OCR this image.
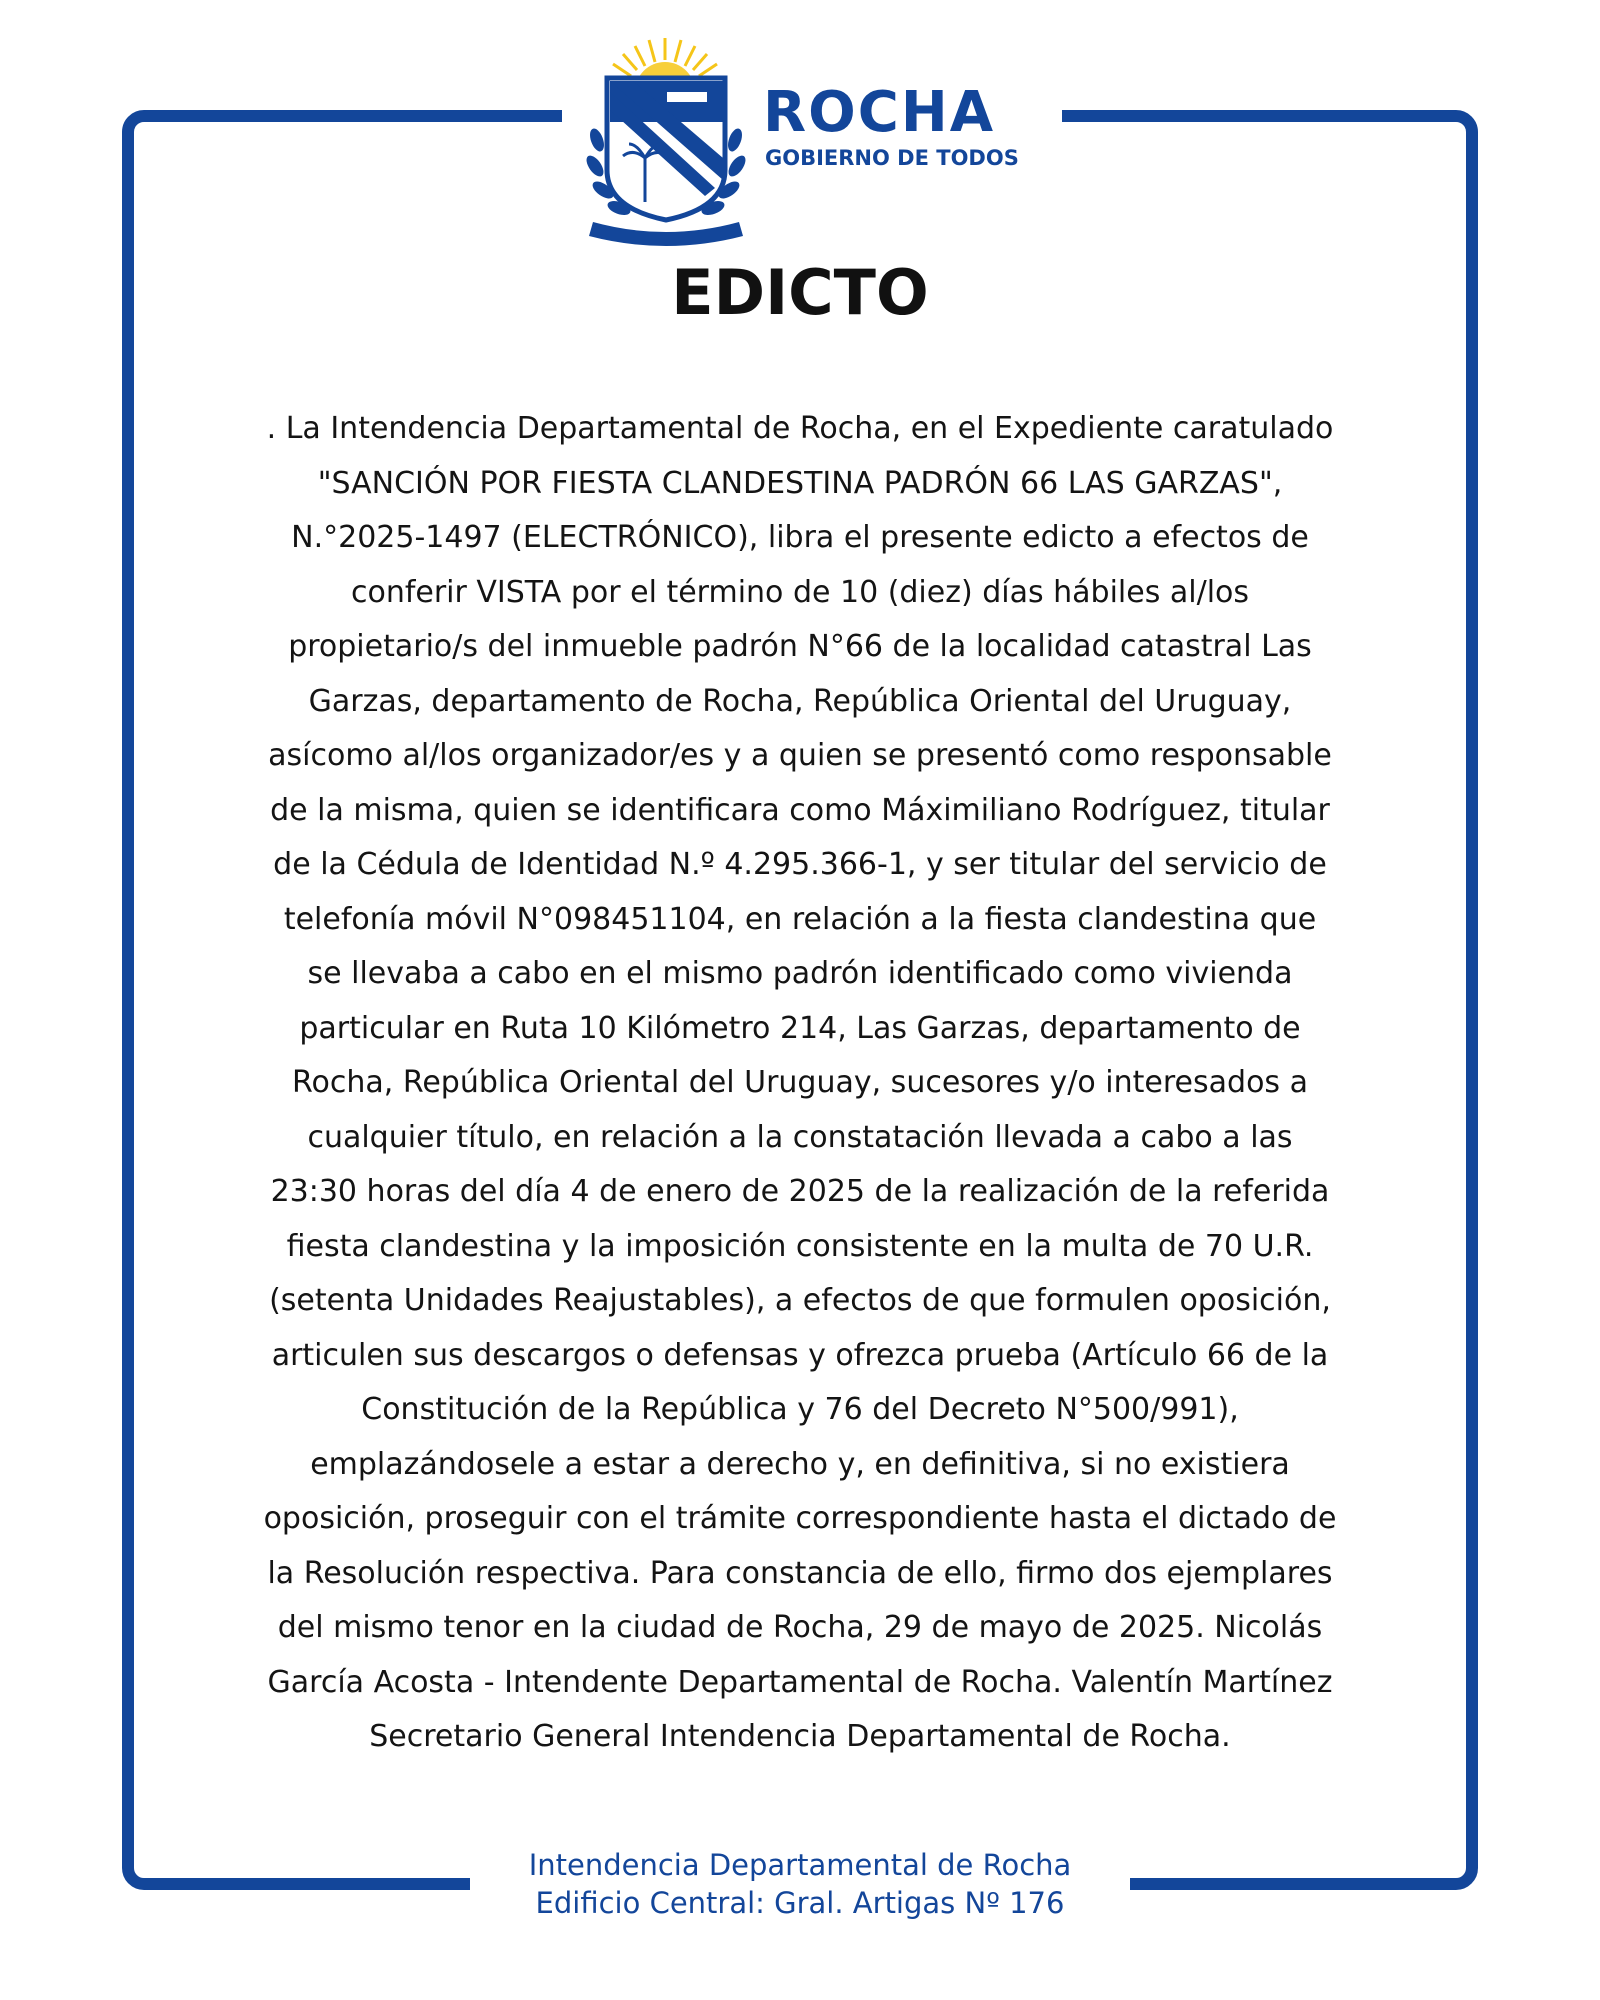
ROCHA
GOBIERNO DE TODOS
EDICTO
. La Intendencia Departamental de Rocha, en el Expediente caratulado
"SANCIÓN POR FIESTA CLANDESTINA PADRÓN 66 LAS GARZAS",
N.°2025-1497 (ELECTRÓNICO), libra el presente edicto a efectos de
conferir VISTA por el término de 10 (diez) días hábiles al/los
propietario/s del inmueble padrón N°66 de la localidad catastral Las
Garzas, departamento de Rocha, República Oriental del Uruguay,
asícomo al/los organizador/es y a quien se presentó como responsable
de la misma, quien se identificara como Máximiliano Rodríguez, titular
de la Cédula de Identidad N.º 4.295.366-1, y ser titular del servicio de
telefonía móvil N°098451104, en relación a la fiesta clandestina que
se llevaba a cabo en el mismo padrón identificado como vivienda
particular en Ruta 10 Kilómetro 214, Las Garzas, departamento de
Rocha, República Oriental del Uruguay, sucesores y/o interesados a
cualquier título, en relación a la constatación llevada a cabo a las
23:30 horas del día 4 de enero de 2025 de la realización de la referida
fiesta clandestina y la imposición consistente en la multa de 70 U.R.
(setenta Unidades Reajustables), a efectos de que formulen oposición,
articulen sus descargos o defensas y ofrezca prueba (Artículo 66 de la
Constitución de la República y 76 del Decreto N°500/991),
emplazándosele a estar a derecho y, en definitiva, si no existiera
oposición, proseguir con el trámite correspondiente hasta el dictado de
la Resolución respectiva. Para constancia de ello, firmo dos ejemplares
del mismo tenor en la ciudad de Rocha, 29 de mayo de 2025. Nicolás
García Acosta - Intendente Departamental de Rocha. Valentín Martínez
Secretario General Intendencia Departamental de Rocha.
Intendencia Departamental de Rocha
Edificio Central: Gral. Artigas Nº 176
